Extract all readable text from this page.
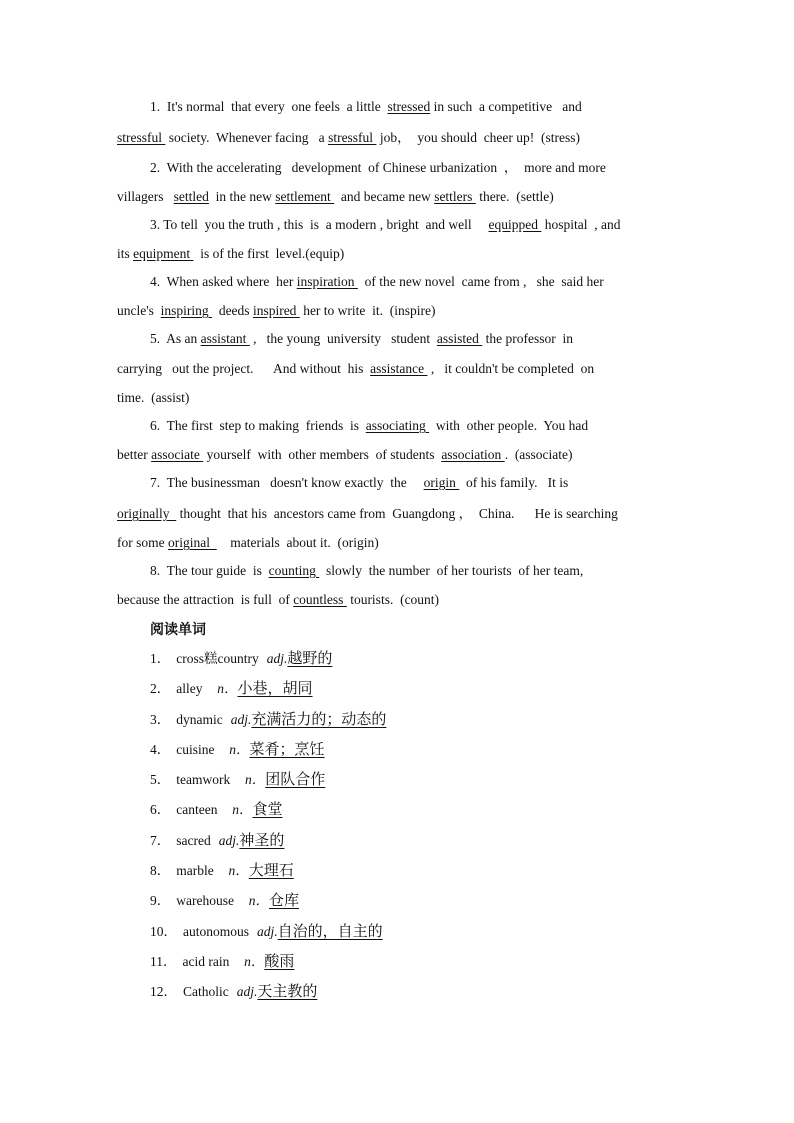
1.  It's normal  that every  one feels  a little  stressed in such  a competitive   and
stressful  society.  Whenever facing   a stressful  job，  you should  cheer up!  (stress)
2.  With the accelerating   development  of Chinese urbanization  ，  more and more
villagers   settled  in the new settlement   and became new settlers  there.  (settle)
3. To tell  you the truth , this  is  a modern , bright  and well     equipped  hospital  , and
its equipment   is of the first  level.(equip)
4.  When asked where  her inspiration   of the new novel  came from ,   she  said her
uncle's  inspiring   deeds inspired  her to write  it.  (inspire)
5.  As an assistant  ,   the young  university   student  assisted  the professor  in
carrying   out the project.      And without  his  assistance  ,   it couldn't be completed  on
time.  (assist)
6.  The first  step to making  friends  is  associating   with  other people.  You had
better associate  yourself  with  other members  of students  association .  (associate)
7.  The businessman   doesn't know exactly  the     origin   of his family.   It is
originally   thought  that his  ancestors came from  Guangdong ，  China.      He is searching
for some original      materials  about it.  (origin)
8.  The tour guide  is  counting   slowly  the number  of her tourists  of her team,
because the attraction  is full  of countless  tourists.  (count)
阅读单词
1． cross糕country adj.越野的
2． alley  n．小巷，胡同
3． dynamic adj.充满活力的；动态的
4． cuisine  n．菜肴；烹饪
5． teamwork  n．团队合作
6． canteen  n．食堂
7． sacred adj.神圣的
8． marble  n．大理石
9． warehouse  n．仓库
10． autonomous adj.自治的，自主的
11． acid rain  n．酸雨
12． Catholic adj.天主教的
